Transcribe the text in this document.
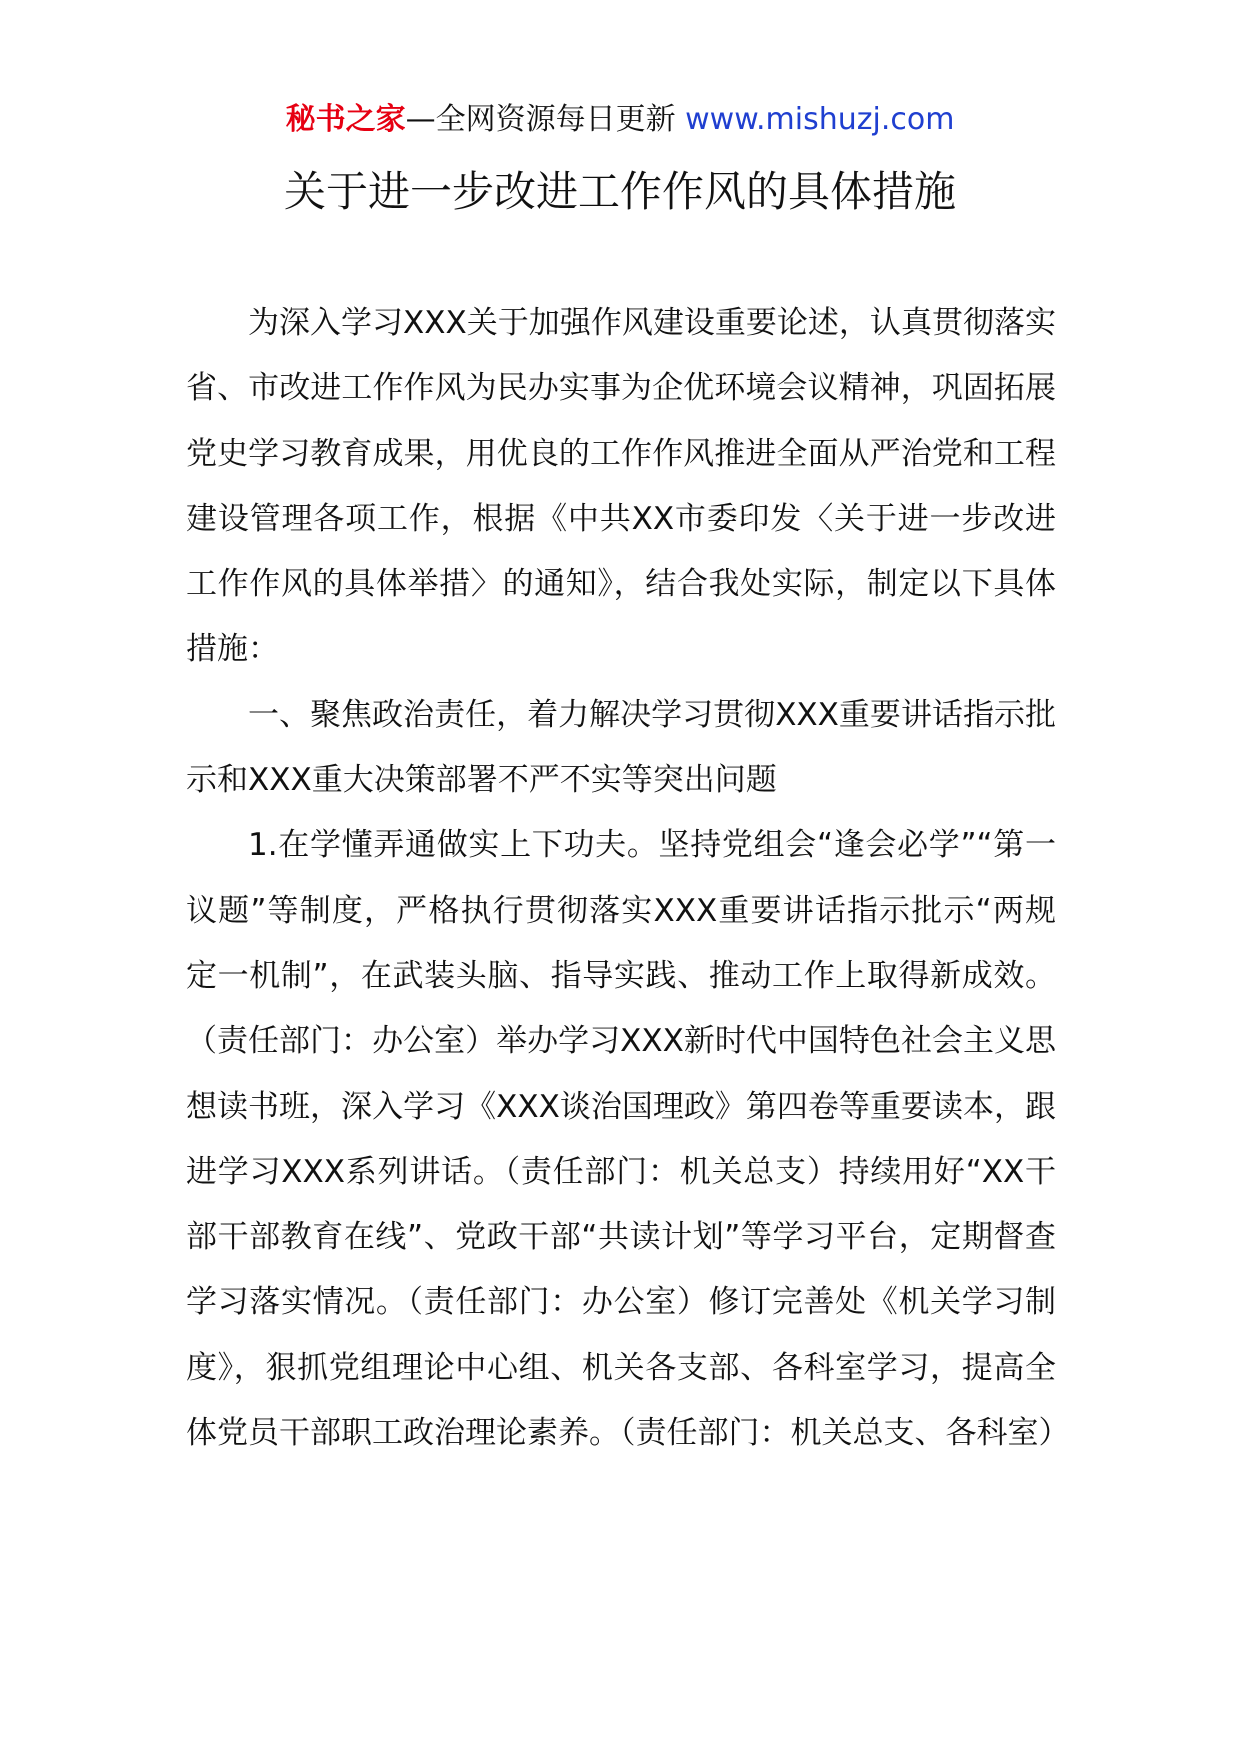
秘书之家—全网资源每日更新 www.mishuzj.com
关于进一步改进工作作风的具体措施

为深入学习XXX关于加强作风建设重要论述，认真贯彻落实省、市改进工作作风为民办实事为企优环境会议精神，巩固拓展党史学习教育成果，用优良的工作作风推进全面从严治党和工程建设管理各项工作，根据《中共XX市委印发〈关于进一步改进工作作风的具体举措〉的通知》，结合我处实际，制定以下具体措施：

一、聚焦政治责任，着力解决学习贯彻XXX重要讲话指示批示和XXX重大决策部署不严不实等突出问题

1.在学懂弄通做实上下功夫。坚持党组会“逢会必学”“第一议题”等制度，严格执行贯彻落实XXX重要讲话指示批示“两规定一机制”，在武装头脑、指导实践、推动工作上取得新成效。（责任部门：办公室）举办学习XXX新时代中国特色社会主义思想读书班，深入学习《XXX谈治国理政》第四卷等重要读本，跟进学习XXX系列讲话。（责任部门：机关总支）持续用好“XX干部干部教育在线”、党政干部“共读计划”等学习平台，定期督查学习落实情况。（责任部门：办公室）修订完善处《机关学习制度》，狠抓党组理论中心组、机关各支部、各科室学习，提高全体党员干部职工政治理论素养。（责任部门：机关总支、各科室）
